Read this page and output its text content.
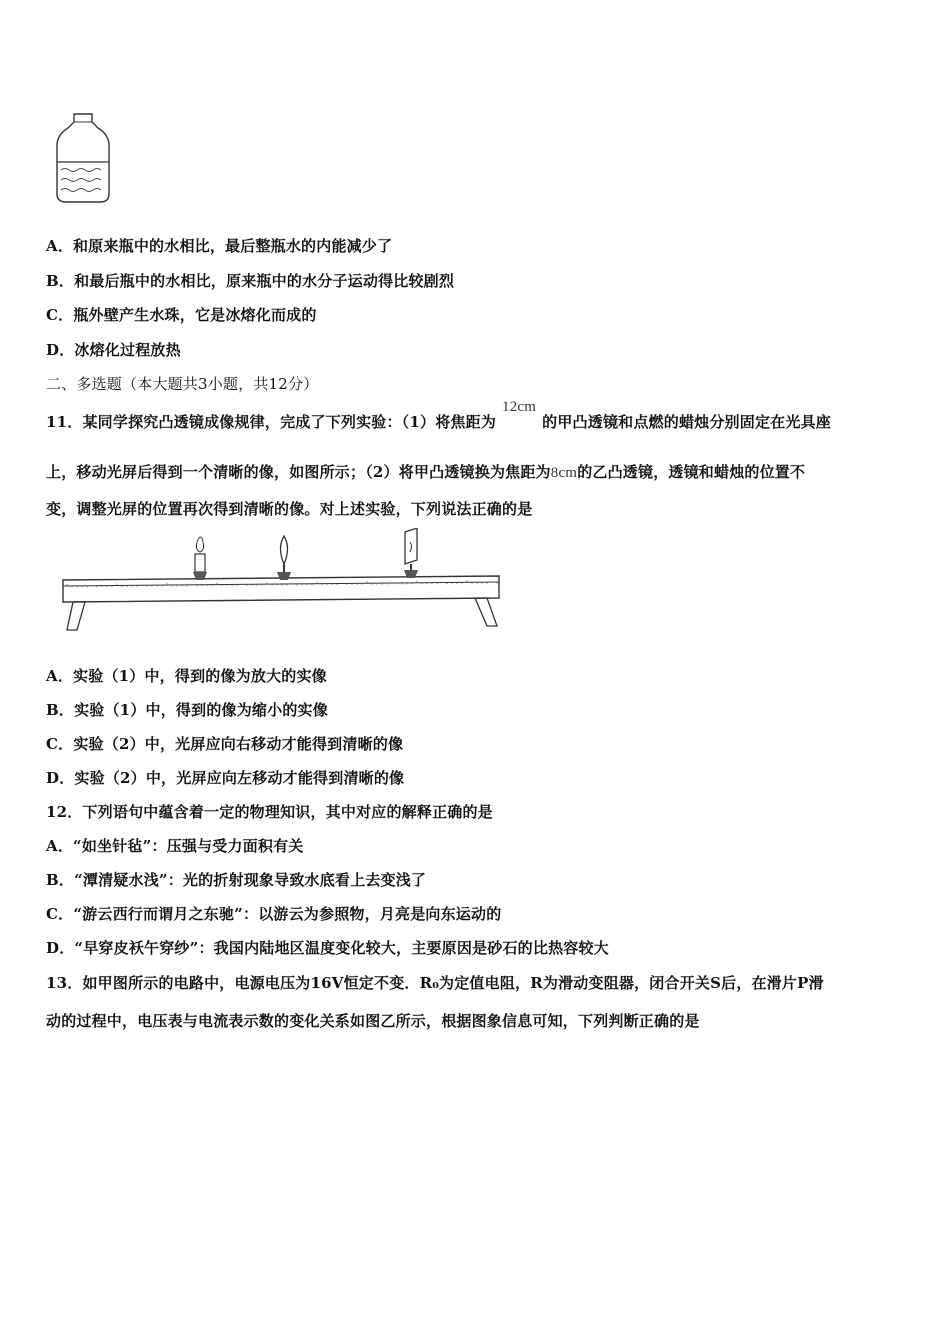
A．和原来瓶中的水相比，最后整瓶水的内能减少了
B．和最后瓶中的水相比，原来瓶中的水分子运动得比较剧烈
C．瓶外壁产生水珠，它是冰熔化而成的
D．冰熔化过程放热
二、多选题（本大题共3小题，共12分）
11．某同学探究凸透镜成像规律，完成了下列实验：（1）将焦距为12cm的甲凸透镜和点燃的蜡烛分别固定在光具座
上，移动光屏后得到一个清晰的像，如图所示；（2）将甲凸透镜换为焦距为8cm的乙凸透镜，透镜和蜡烛的位置不
变，调整光屏的位置再次得到清晰的像。对上述实验，下列说法正确的是
A．实验（1）中，得到的像为放大的实像
B．实验（1）中，得到的像为缩小的实像
C．实验（2）中，光屏应向右移动才能得到清晰的像
D．实验（2）中，光屏应向左移动才能得到清晰的像
12．下列语句中蕴含着一定的物理知识，其中对应的解释正确的是
A．“如坐针毡”：压强与受力面积有关
B．“潭清疑水浅”：光的折射现象导致水底看上去变浅了
C．“游云西行而谓月之东驰”：以游云为参照物，月亮是向东运动的
D．“早穿皮袄午穿纱”：我国内陆地区温度变化较大，主要原因是砂石的比热容较大
13．如甲图所示的电路中，电源电压为16V恒定不变．R₀为定值电阻，R为滑动变阻器，闭合开关S后，在滑片P滑
动的过程中，电压表与电流表示数的变化关系如图乙所示，根据图象信息可知，下列判断正确的是
